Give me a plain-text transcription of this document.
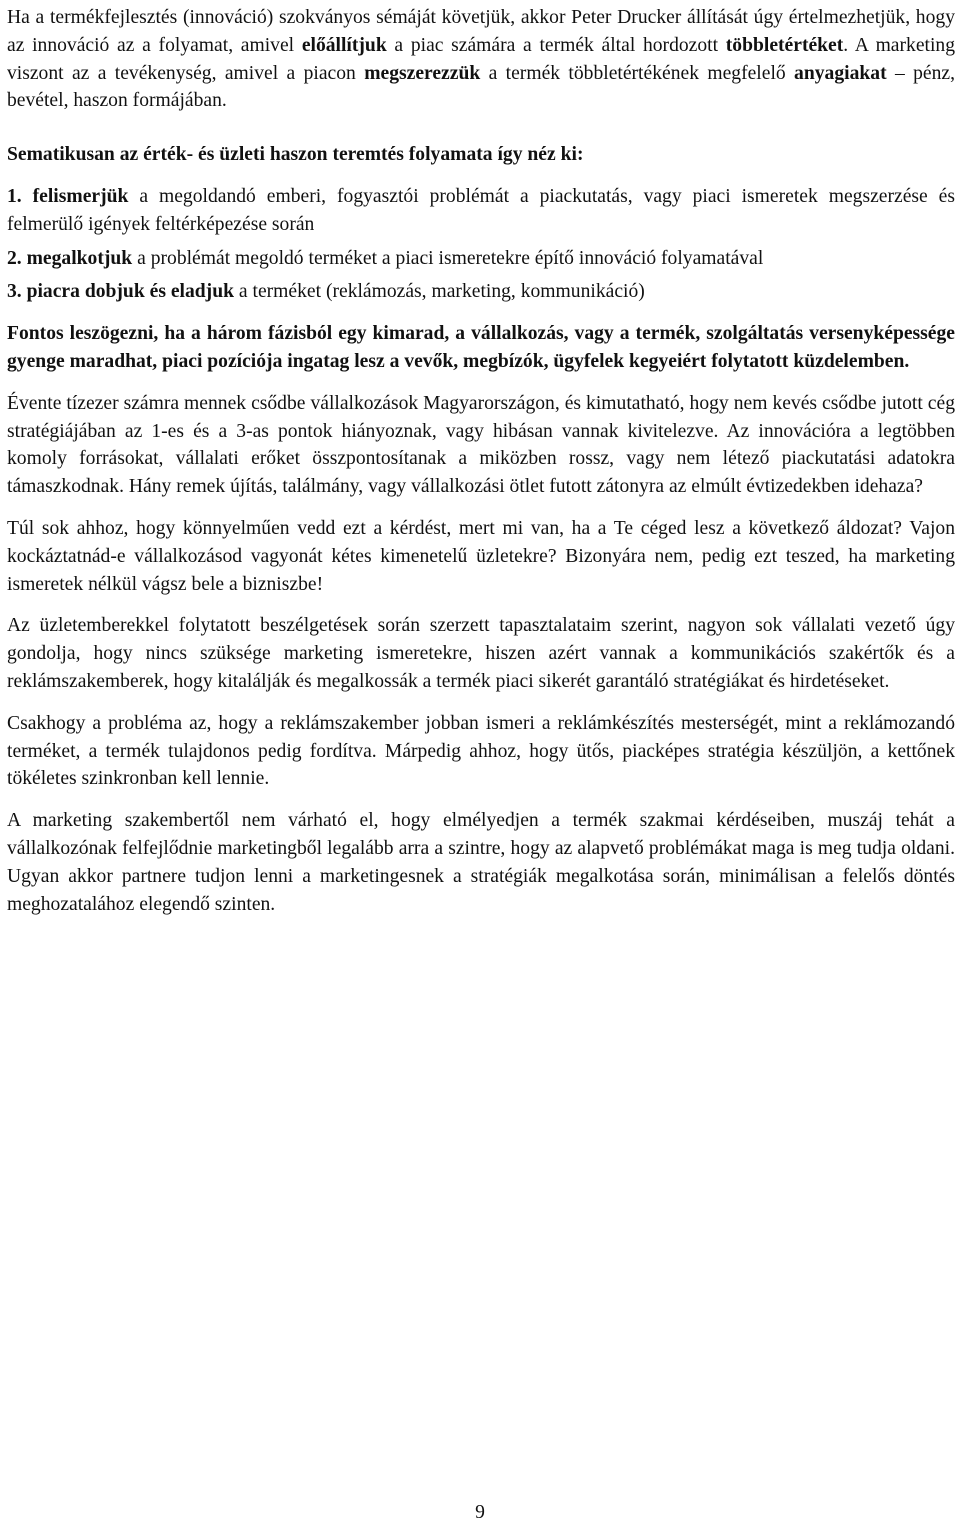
Ha a termékfejlesztés (innováció) szokványos sémáját követjük, akkor Peter Drucker állítását úgy értelmezhetjük, hogy az innováció az a folyamat, amivel előállítjuk a piac számára a termék által hordozott többletértéket. A marketing viszont az a tevékenység, amivel a piacon megszerezzük a termék többletértékének megfelelő anyagiakat – pénz, bevétel, haszon formájában.

Sematikusan az érték- és üzleti haszon teremtés folyamata így néz ki:

1. felismerjük a megoldandó emberi, fogyasztói problémát a piackutatás, vagy piaci ismeretek megszerzése és felmerülő igények feltérképezése során

2. megalkotjuk a problémát megoldó terméket a piaci ismeretekre építő innováció folyamatával

3. piacra dobjuk és eladjuk a terméket (reklámozás, marketing, kommunikáció)

Fontos leszögezni, ha a három fázisból egy kimarad, a vállalkozás, vagy a termék, szolgáltatás versenyképessége gyenge maradhat, piaci pozíciója ingatag lesz a vevők, megbízók, ügyfelek kegyeiért folytatott küzdelemben.

Évente tízezer számra mennek csődbe vállalkozások Magyarországon, és kimutatható, hogy nem kevés csődbe jutott cég stratégiájában az 1-es és a 3-as pontok hiányoznak, vagy hibásan vannak kivitelezve. Az innovációra a legtöbben komoly forrásokat, vállalati erőket összpontosítanak a miközben rossz, vagy nem létező piackutatási adatokra támaszkodnak. Hány remek újítás, találmány, vagy vállalkozási ötlet futott zátonyra az elmúlt évtizedekben idehaza?

Túl sok ahhoz, hogy könnyelműen vedd ezt a kérdést, mert mi van, ha a Te céged lesz a következő áldozat? Vajon kockáztatnád-e vállalkozásod vagyonát kétes kimenetelű üzletekre? Bizonyára nem, pedig ezt teszed, ha marketing ismeretek nélkül vágsz bele a bizniszbe!

Az üzletemberekkel folytatott beszélgetések során szerzett tapasztalataim szerint, nagyon sok vállalati vezető úgy gondolja, hogy nincs szüksége marketing ismeretekre, hiszen azért vannak a kommunikációs szakértők és a reklámszakemberek, hogy kitalálják és megalkossák a termék piaci sikerét garantáló stratégiákat és hirdetéseket.

Csakhogy a probléma az, hogy a reklámszakember jobban ismeri a reklámkészítés mesterségét, mint a reklámozandó terméket, a termék tulajdonos pedig fordítva. Márpedig ahhoz, hogy ütős, piacképes stratégia készüljön, a kettőnek tökéletes szinkronban kell lennie.

A marketing szakembertől nem várható el, hogy elmélyedjen a termék szakmai kérdéseiben, muszáj tehát a vállalkozónak felfejlődnie marketingből legalább arra a szintre, hogy az alapvető problémákat maga is meg tudja oldani. Ugyan akkor partnere tudjon lenni a marketingesnek a stratégiák megalkotása során, minimálisan a felelős döntés meghozatalához elegendő szinten.

9
